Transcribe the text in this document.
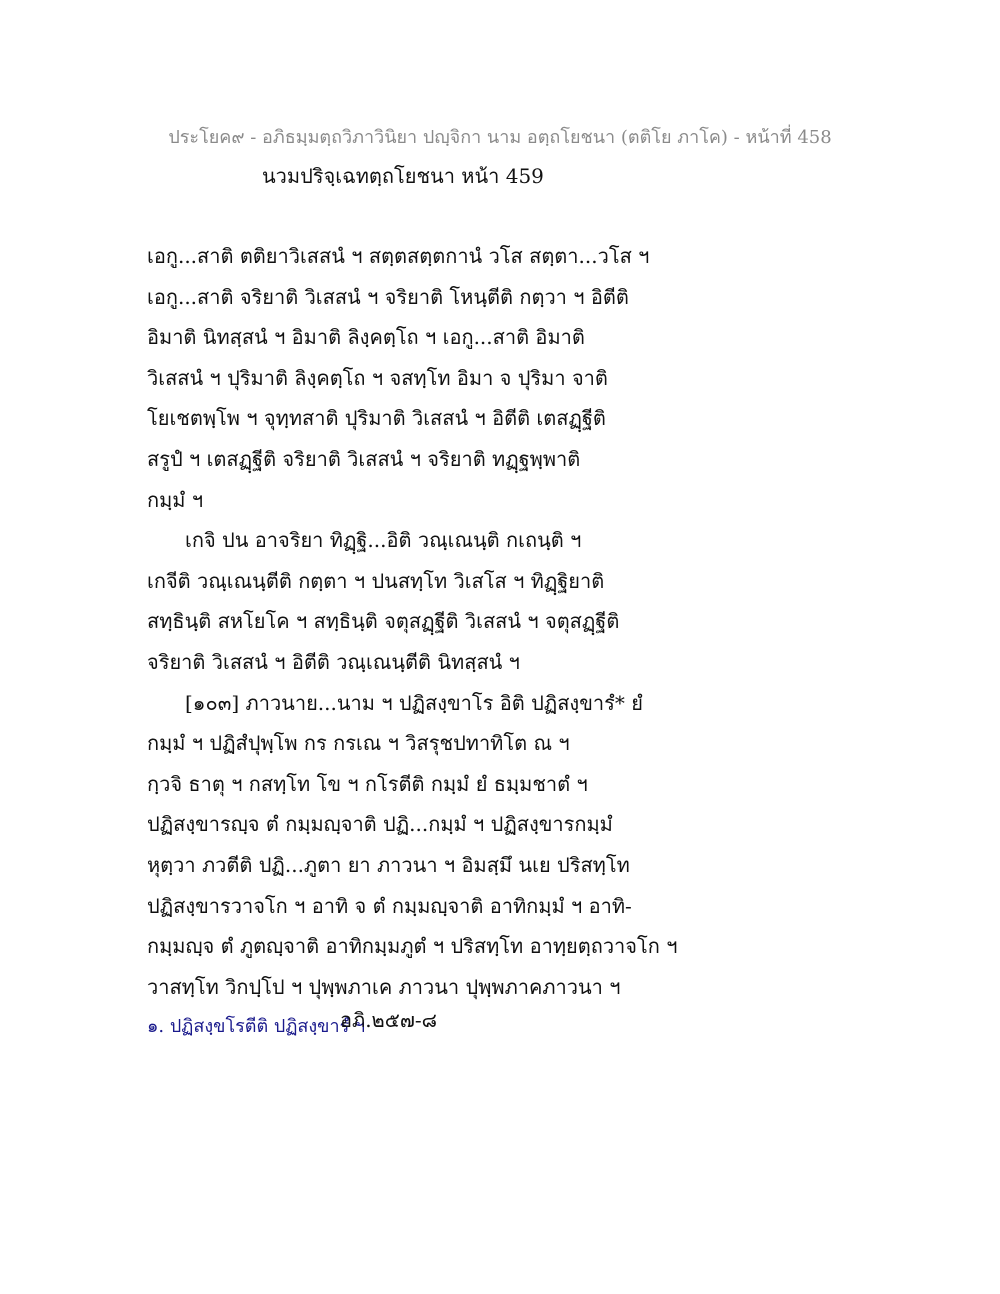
ประโยค๙ - อภิธมฺมตฺถวิภาวินิยา ปญฺจิกา นาม อตฺถโยชนา (ตติโย ภาโค) - หน้าที่ 458
นวมปริจฺเฉทตฺถโยชนา หน้า 459
เอกู...สาติ ตติยาวิเสสนํ ฯ สตฺตสตฺตกานํ วโส สตฺตา...วโส ฯ
เอกู...สาติ จริยาติ วิเสสนํ ฯ จริยาติ โหนฺตีติ กตฺวา ฯ อิตีติ
อิมาติ นิทสฺสนํ ฯ อิมาติ ลิงฺคตฺโถ ฯ เอกู...สาติ อิมาติ
วิเสสนํ ฯ ปุริมาติ ลิงฺคตฺโถ ฯ จสทฺโท อิมา จ ปุริมา จาติ
โยเชตพฺโพ ฯ จุทฺทสาติ ปุริมาติ วิเสสนํ ฯ อิตีติ เตสฏฺฐีติ
สรูปํ ฯ เตสฏฺฐีติ จริยาติ วิเสสนํ ฯ จริยาติ ทฏฺฐพฺพาติ
กมฺมํ ฯ
เกจิ ปน อาจริยา ทิฏฺฐิ...อิติ วณฺเณนฺติ กเถนฺติ ฯ
เกจีติ วณฺเณนฺตีติ กตฺตา ฯ ปนสทฺโท วิเสโส ฯ ทิฏฺฐิยาติ
สทฺธินฺติ สหโยโค ฯ สทฺธินฺติ จตุสฏฺฐีติ วิเสสนํ ฯ จตุสฏฺฐีติ
จริยาติ วิเสสนํ ฯ อิตีติ วณฺเณนฺตีติ นิทสฺสนํ ฯ
[๑๐๓] ภาวนาย...นาม ฯ ปฏิสงฺขาโร อิติ ปฏิสงฺขารํ* ยํ
กมฺมํ ฯ ปฏิสํปุพฺโพ กร กรเณ ฯ วิสรุชปทาทิโต ณ ฯ
กฺวจิ ธาตุ ฯ กสทฺโท โข ฯ กโรตีติ กมฺมํ ยํ ธมฺมชาตํ ฯ
ปฏิสงฺขารญฺจ ตํ กมฺมญฺจาติ ปฏิ...กมฺมํ ฯ ปฏิสงฺขารกมฺมํ
หุตฺวา ภวตีติ ปฏิ...ภูตา ยา ภาวนา ฯ อิมสฺมึ นเย ปริสทฺโท
ปฏิสงฺขารวาจโก ฯ อาทิ จ ตํ กมฺมญฺจาติ อาทิกมฺมํ ฯ อาทิ-
กมฺมญฺจ ตํ ภูตญฺจาติ อาทิกมฺมภูตํ ฯ ปริสทฺโท อาทฺยตฺถวาจโก ฯ
วาสทฺโท วิกปฺโป ฯ ปุพฺพภาเค ภาวนา ปุพฺพภาคภาวนา ฯ
๑. ปฏิสงฺขโรตีติ ปฏิสงฺขารํ ฯ
อภิ.๒๕๗-๘
